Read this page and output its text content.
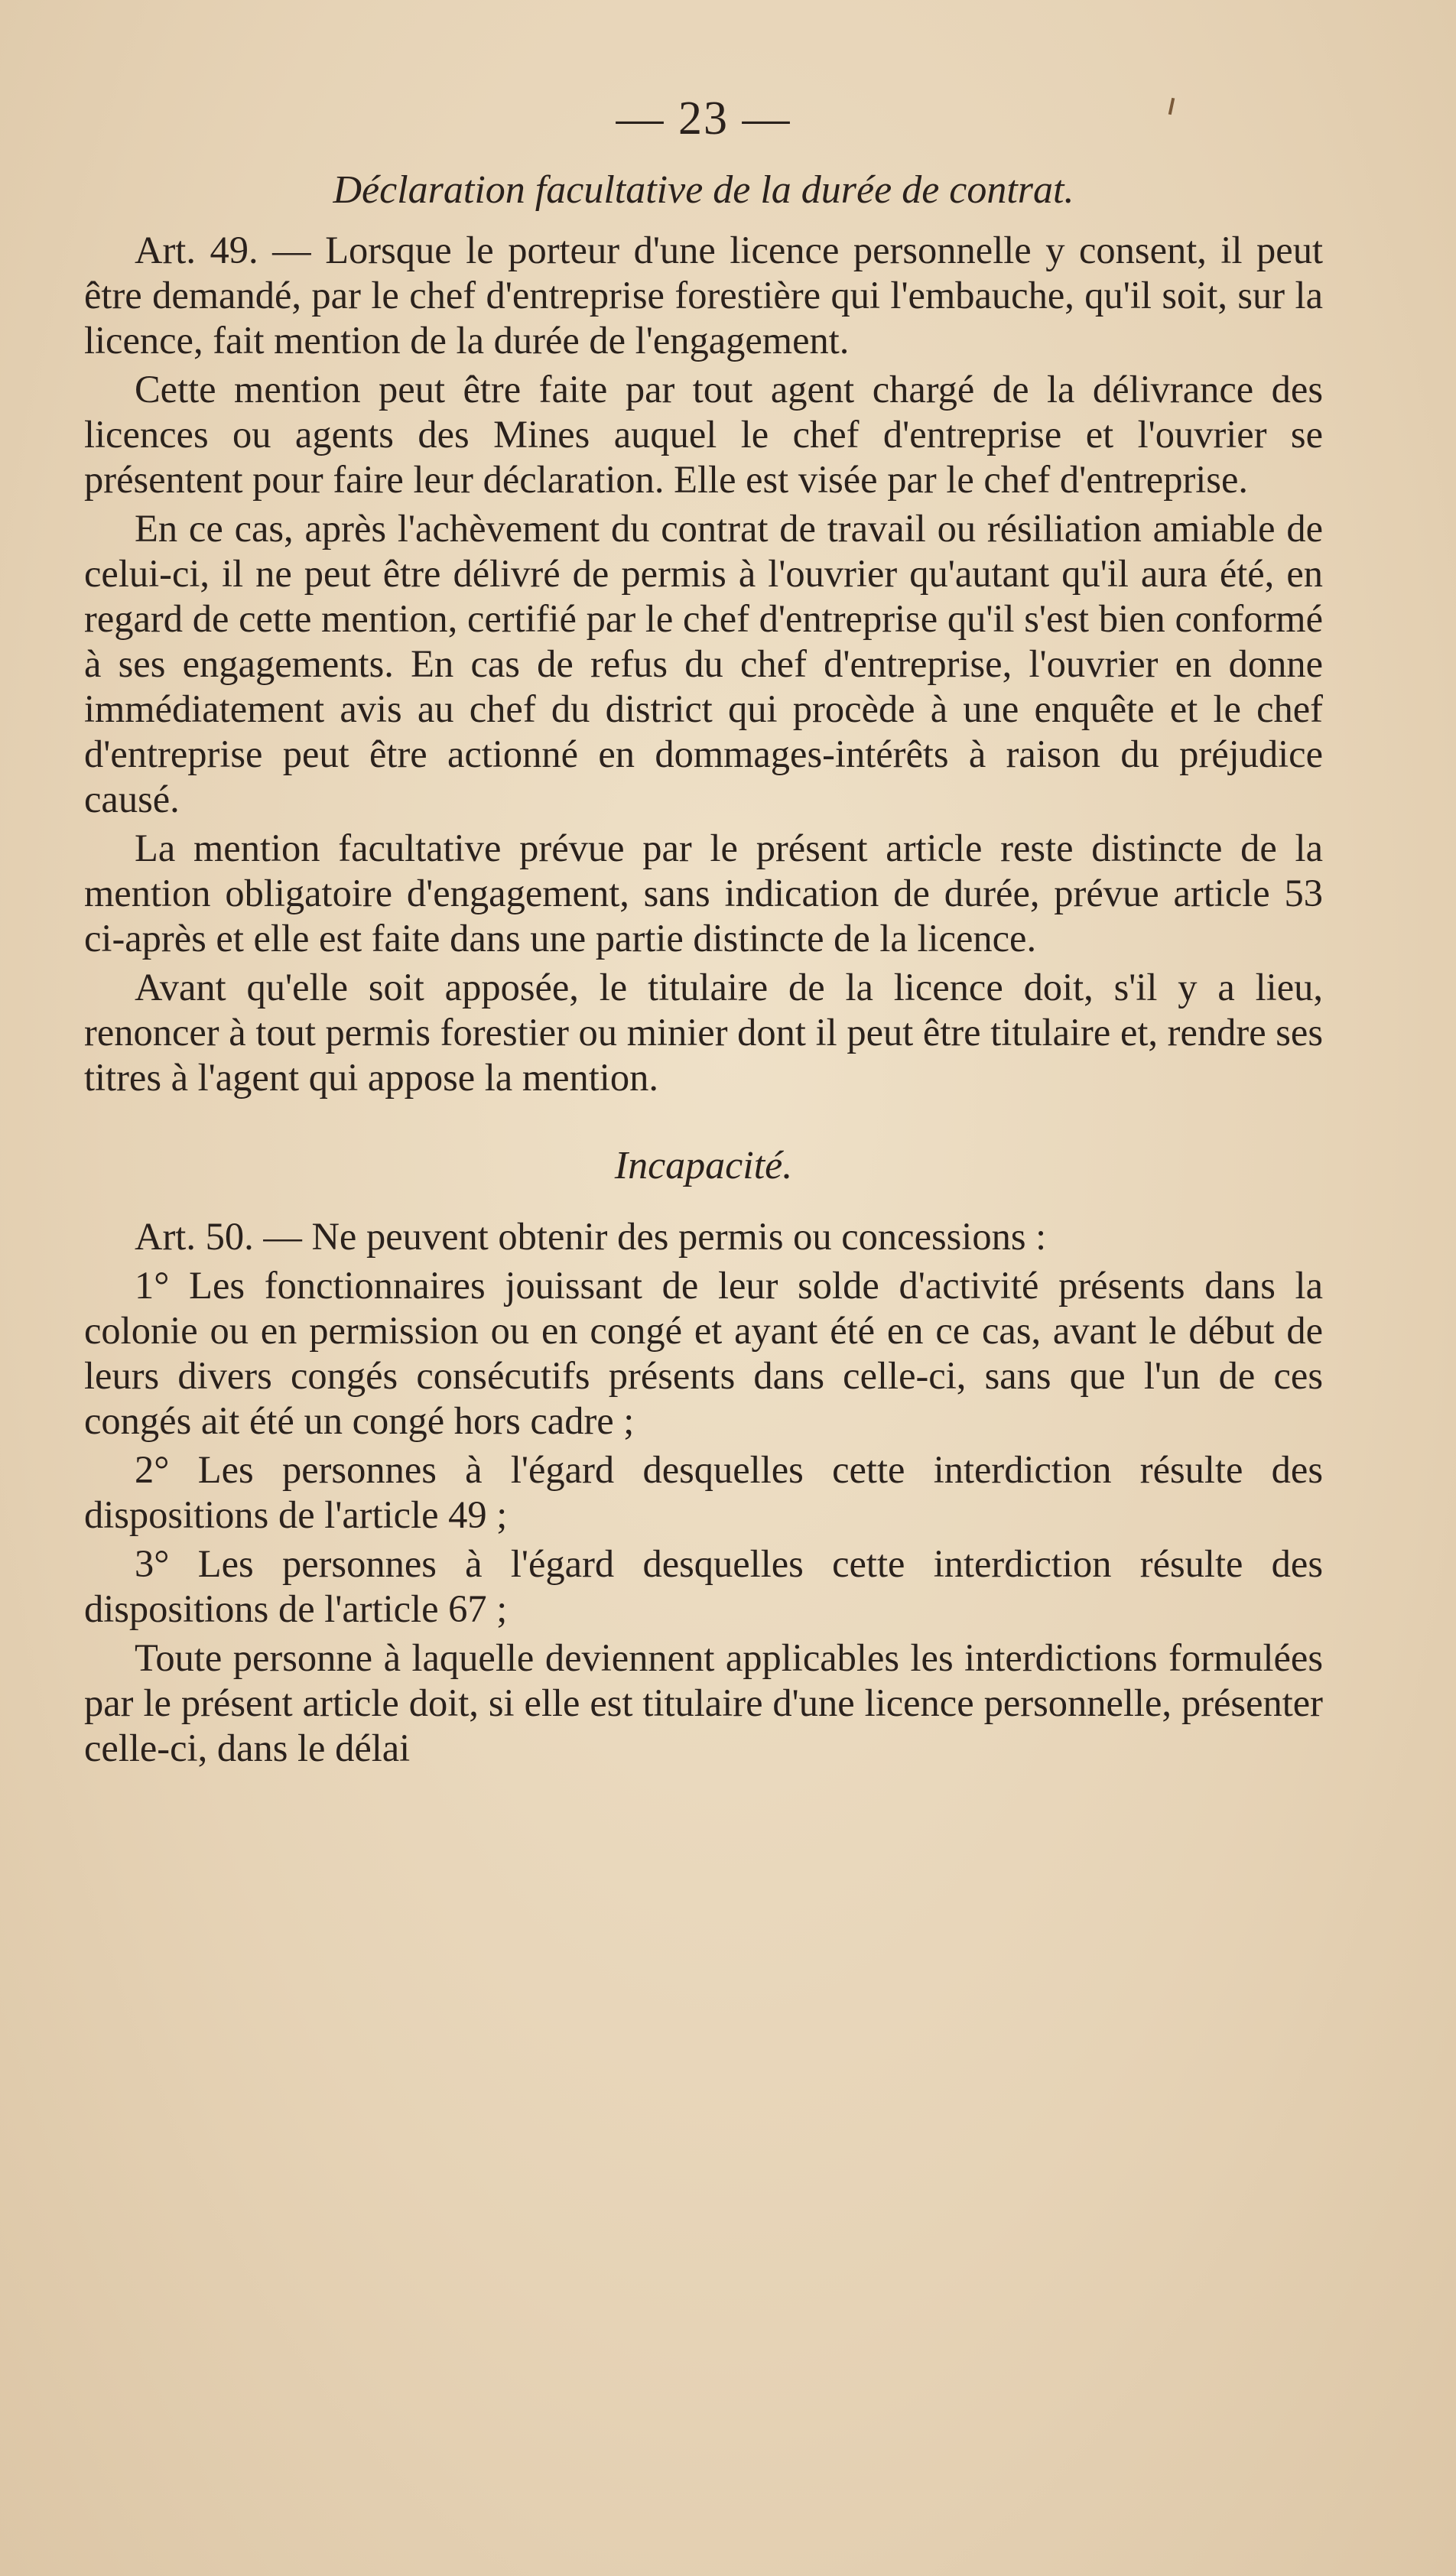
— 23 —
Déclaration facultative de la durée de contrat.

Art. 49. — Lorsque le porteur d'une licence personnelle y consent, il peut être demandé, par le chef d'entreprise forestière qui l'embauche, qu'il soit, sur la licence, fait mention de la durée de l'engagement.

Cette mention peut être faite par tout agent chargé de la délivrance des licences ou agents des Mines auquel le chef d'entreprise et l'ouvrier se présentent pour faire leur déclaration. Elle est visée par le chef d'entreprise.

En ce cas, après l'achèvement du contrat de travail ou résiliation amiable de celui-ci, il ne peut être délivré de permis à l'ouvrier qu'autant qu'il aura été, en regard de cette mention, certifié par le chef d'entreprise qu'il s'est bien conformé à ses engagements. En cas de refus du chef d'entreprise, l'ouvrier en donne immédiatement avis au chef du district qui procède à une enquête et le chef d'entreprise peut être actionné en dommages-intérêts à raison du préjudice causé.

La mention facultative prévue par le présent article reste distincte de la mention obligatoire d'engagement, sans indication de durée, prévue article 53 ci-après et elle est faite dans une partie distincte de la licence.

Avant qu'elle soit apposée, le titulaire de la licence doit, s'il y a lieu, renoncer à tout permis forestier ou minier dont il peut être titulaire et, rendre ses titres à l'agent qui appose la mention.

Incapacité.

Art. 50. — Ne peuvent obtenir des permis ou concessions :

1° Les fonctionnaires jouissant de leur solde d'activité présents dans la colonie ou en permission ou en congé et ayant été en ce cas, avant le début de leurs divers congés consécutifs présents dans celle-ci, sans que l'un de ces congés ait été un congé hors cadre ;

2° Les personnes à l'égard desquelles cette interdiction résulte des dispositions de l'article 49 ;

3° Les personnes à l'égard desquelles cette interdiction résulte des dispositions de l'article 67 ;

Toute personne à laquelle deviennent applicables les interdictions formulées par le présent article doit, si elle est titulaire d'une licence personnelle, présenter celle-ci, dans le délai
